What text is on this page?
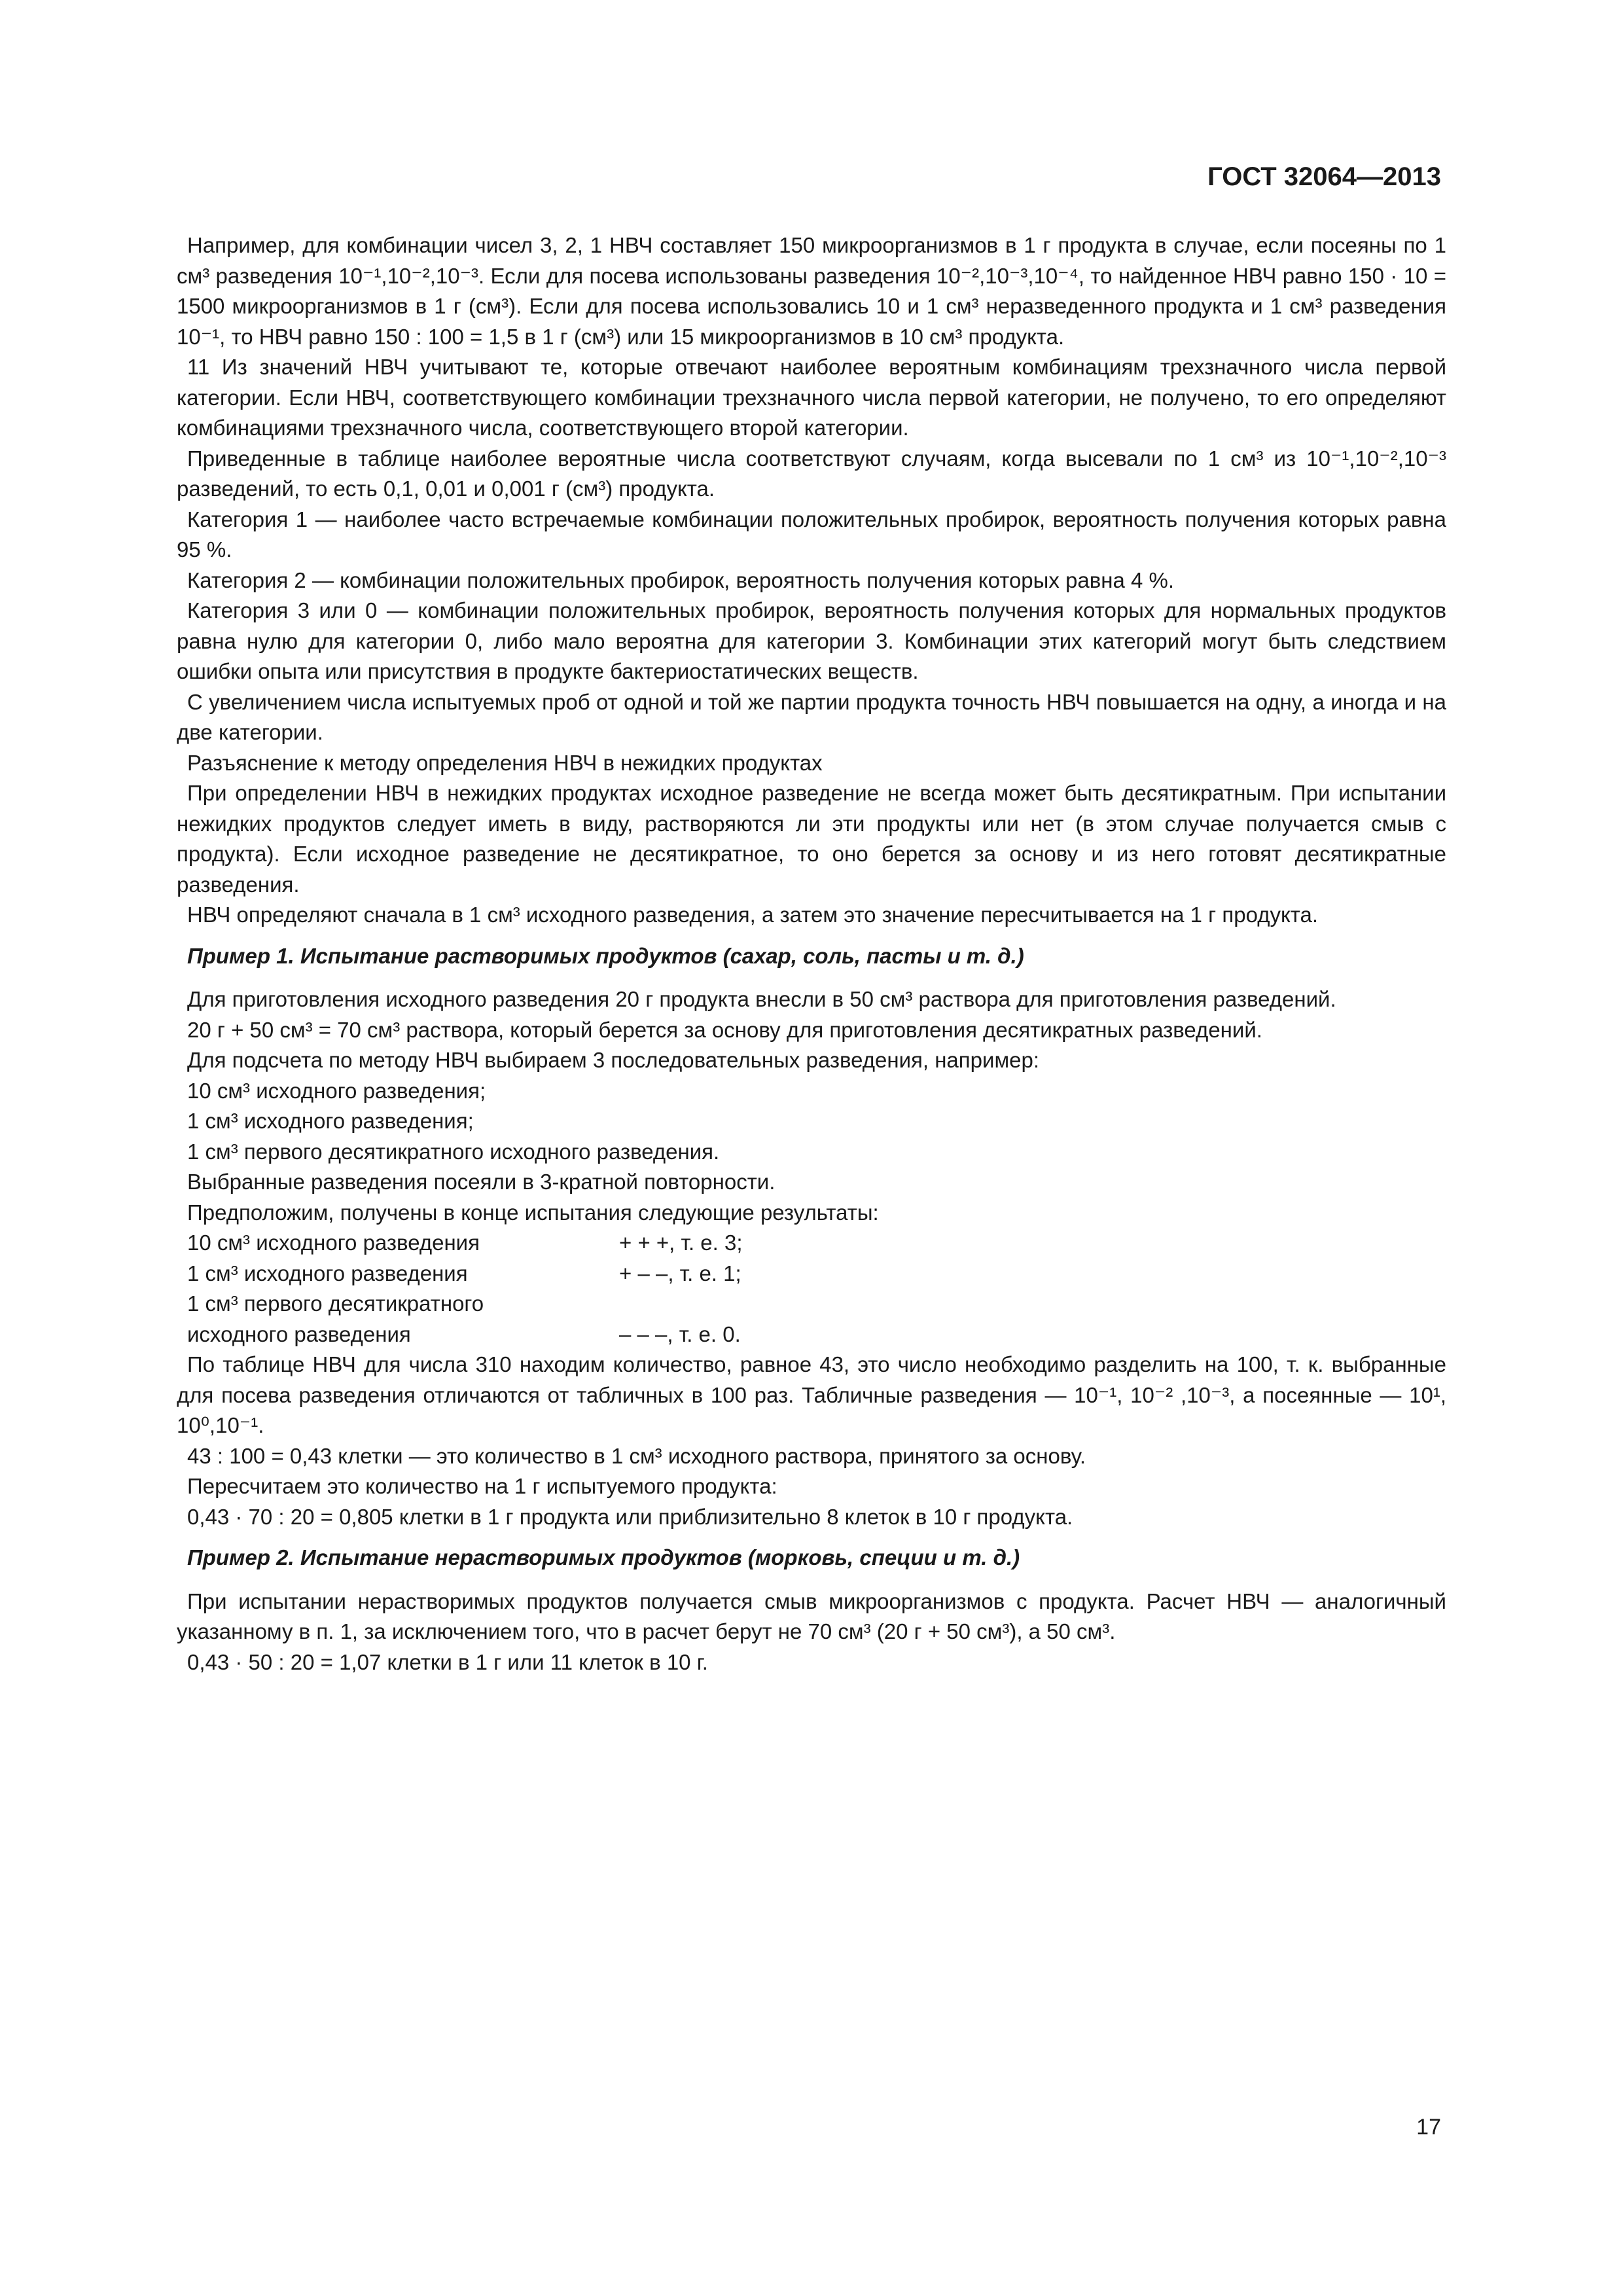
ГОСТ 32064—2013

Например, для комбинации чисел 3, 2, 1 НВЧ составляет 150 микроорганизмов в 1 г продукта в случае, если посеяны по 1 см³ разведения 10⁻¹,10⁻²,10⁻³. Если для посева использованы разведения 10⁻²,10⁻³,10⁻⁴, то найденное НВЧ равно 150 · 10 = 1500 микроорганизмов в 1 г (см³). Если для посева использовались 10 и 1 см³ неразведенного продукта и 1 см³ разведения 10⁻¹, то НВЧ равно 150 : 100 = 1,5 в 1 г (см³) или 15 микроорганизмов в 10 см³ продукта.

11 Из значений НВЧ учитывают те, которые отвечают наиболее вероятным комбинациям трехзначного числа первой категории. Если НВЧ, соответствующего комбинации трехзначного числа первой категории, не получено, то его определяют комбинациями трехзначного числа, соответствующего второй категории.

Приведенные в таблице наиболее вероятные числа соответствуют случаям, когда высевали по 1 см³ из 10⁻¹,10⁻²,10⁻³ разведений, то есть 0,1, 0,01 и 0,001 г (см³) продукта.

Категория 1 — наиболее часто встречаемые комбинации положительных пробирок, вероятность получения которых равна 95 %.

Категория 2 — комбинации положительных пробирок, вероятность получения которых равна 4 %.

Категория 3 или 0 — комбинации положительных пробирок, вероятность получения которых для нормальных продуктов равна нулю для категории 0, либо мало вероятна для категории 3. Комбинации этих категорий могут быть следствием ошибки опыта или присутствия в продукте бактериостатических веществ.

С увеличением числа испытуемых проб от одной и той же партии продукта точность НВЧ повышается на одну, а иногда и на две категории.

Разъяснение к методу определения НВЧ в нежидких продуктах

При определении НВЧ в нежидких продуктах исходное разведение не всегда может быть десятикратным. При испытании нежидких продуктов следует иметь в виду, растворяются ли эти продукты или нет (в этом случае получается смыв с продукта). Если исходное разведение не десятикратное, то оно берется за основу и из него готовят десятикратные разведения.

НВЧ определяют сначала в 1 см³ исходного разведения, а затем это значение пересчитывается на 1 г продукта.

Пример 1. Испытание растворимых продуктов (сахар, соль, пасты и т. д.)

Для приготовления исходного разведения 20 г продукта внесли в 50 см³ раствора для приготовления разведений.

20 г + 50 см³ = 70 см³ раствора, который берется за основу для приготовления десятикратных разведений.

Для подсчета по методу НВЧ выбираем 3 последовательных разведения, например:

10 см³ исходного разведения;

1 см³ исходного разведения;

1 см³ первого десятикратного исходного разведения.

Выбранные разведения посеяли в 3-кратной повторности.

Предположим, получены в конце испытания следующие результаты:

10 см³ исходного разведения	+ + +, т. е. 3;
1 см³ исходного разведения	+ – –, т. е. 1;
1 см³ первого десятикратного
исходного разведения	– – –, т. е. 0.

По таблице НВЧ для числа 310 находим количество, равное 43, это число необходимо разделить на 100, т. к. выбранные для посева разведения отличаются от табличных в 100 раз. Табличные разведения — 10⁻¹, 10⁻² ,10⁻³, а посеянные — 10¹, 10⁰,10⁻¹.

43 : 100 = 0,43 клетки — это количество в 1 см³ исходного раствора, принятого за основу.

Пересчитаем это количество на 1 г испытуемого продукта:

0,43 · 70 : 20 = 0,805 клетки в 1 г продукта или приблизительно 8 клеток в 10 г продукта.

Пример 2. Испытание нерастворимых продуктов (морковь, специи и т. д.)

При испытании нерастворимых продуктов получается смыв микроорганизмов с продукта. Расчет НВЧ — аналогичный указанному в п. 1, за исключением того, что в расчет берут не 70 см³ (20 г + 50 см³), а 50 см³.

0,43 · 50 : 20 = 1,07 клетки в 1 г или 11 клеток в 10 г.

17
